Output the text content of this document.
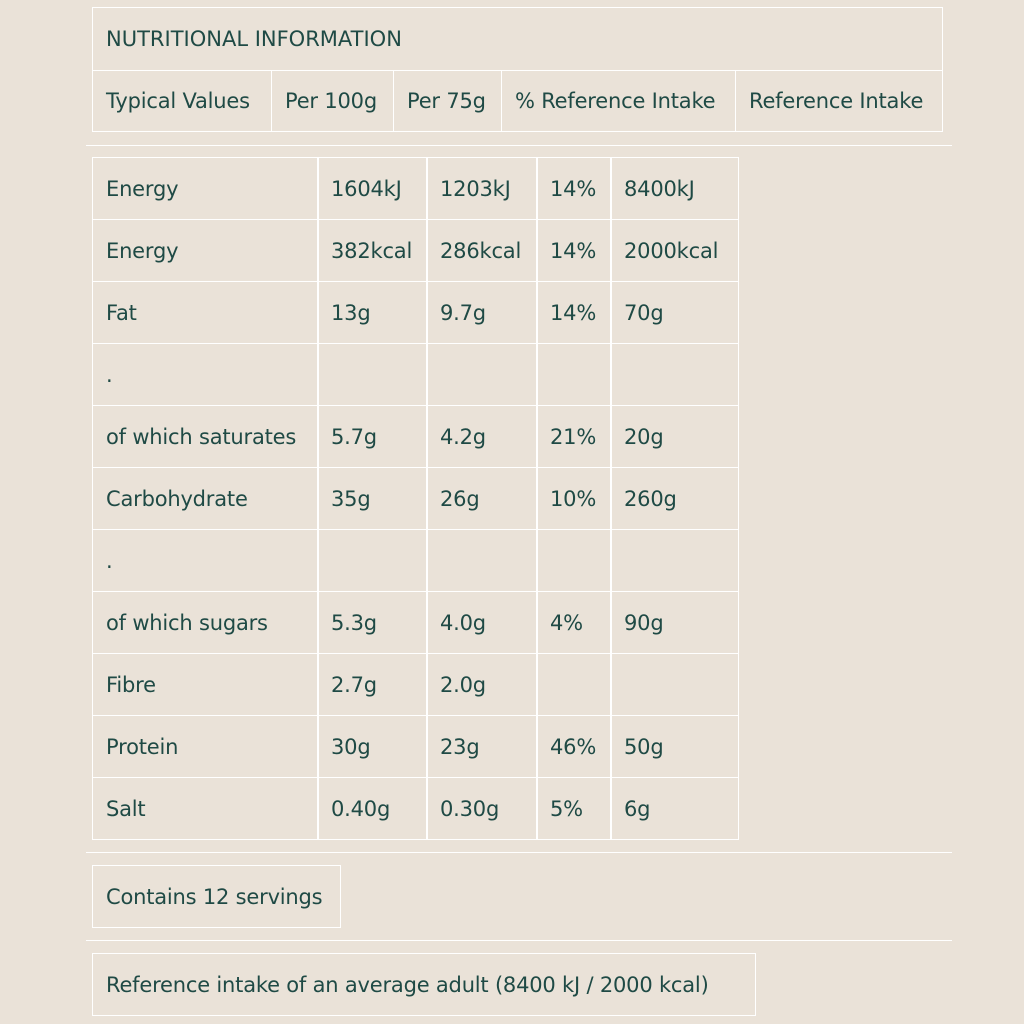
NUTRITIONAL INFORMATION
Typical Values	Per 100g	Per 75g	% Reference Intake	Reference Intake
Energy	1604kJ	1203kJ	14%	8400kJ
Energy	382kcal	286kcal	14%	2000kcal
Fat	13g	9.7g	14%	70g
.
of which saturates	5.7g	4.2g	21%	20g
Carbohydrate	35g	26g	10%	260g
.
of which sugars	5.3g	4.0g	4%	90g
Fibre	2.7g	2.0g
Protein	30g	23g	46%	50g
Salt	0.40g	0.30g	5%	6g
Contains 12 servings
Reference intake of an average adult (8400 kJ / 2000 kcal)
